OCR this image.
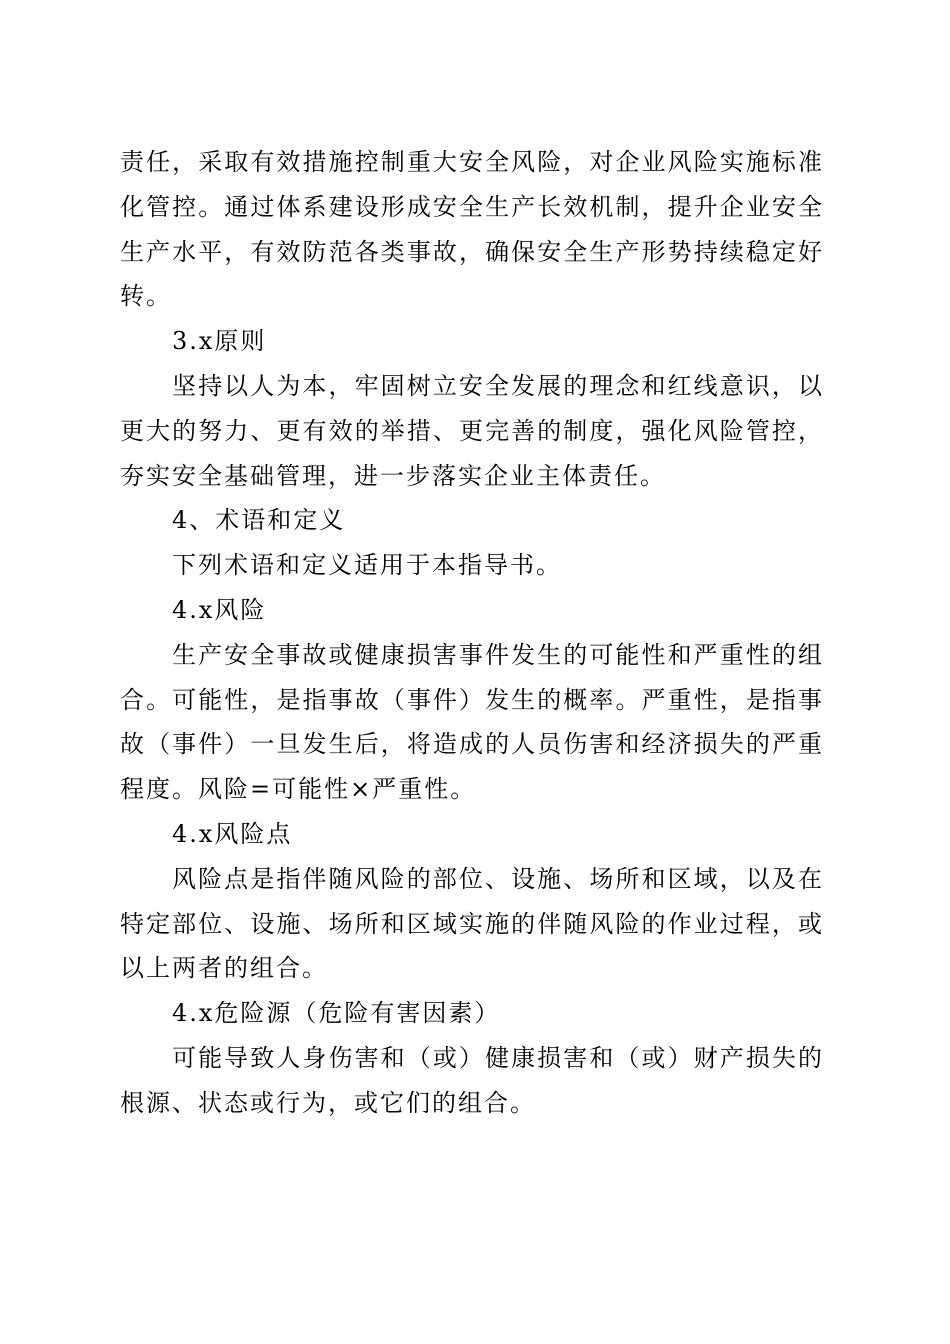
责任，采取有效措施控制重大安全风险，对企业风险实施标准
化管控。通过体系建设形成安全生产长效机制，提升企业安全
生产水平，有效防范各类事故，确保安全生产形势持续稳定好
转。
3.x原则
坚持以人为本，牢固树立安全发展的理念和红线意识，以
更大的努力、更有效的举措、更完善的制度，强化风险管控，
夯实安全基础管理，进一步落实企业主体责任。
4、术语和定义
下列术语和定义适用于本指导书。
4.x风险
生产安全事故或健康损害事件发生的可能性和严重性的组
合。可能性，是指事故（事件）发生的概率。严重性，是指事
故（事件）一旦发生后，将造成的人员伤害和经济损失的严重
程度。风险=可能性×严重性。
4.x风险点
风险点是指伴随风险的部位、设施、场所和区域，以及在
特定部位、设施、场所和区域实施的伴随风险的作业过程，或
以上两者的组合。
4.x危险源（危险有害因素）
可能导致人身伤害和（或）健康损害和（或）财产损失的
根源、状态或行为，或它们的组合。
